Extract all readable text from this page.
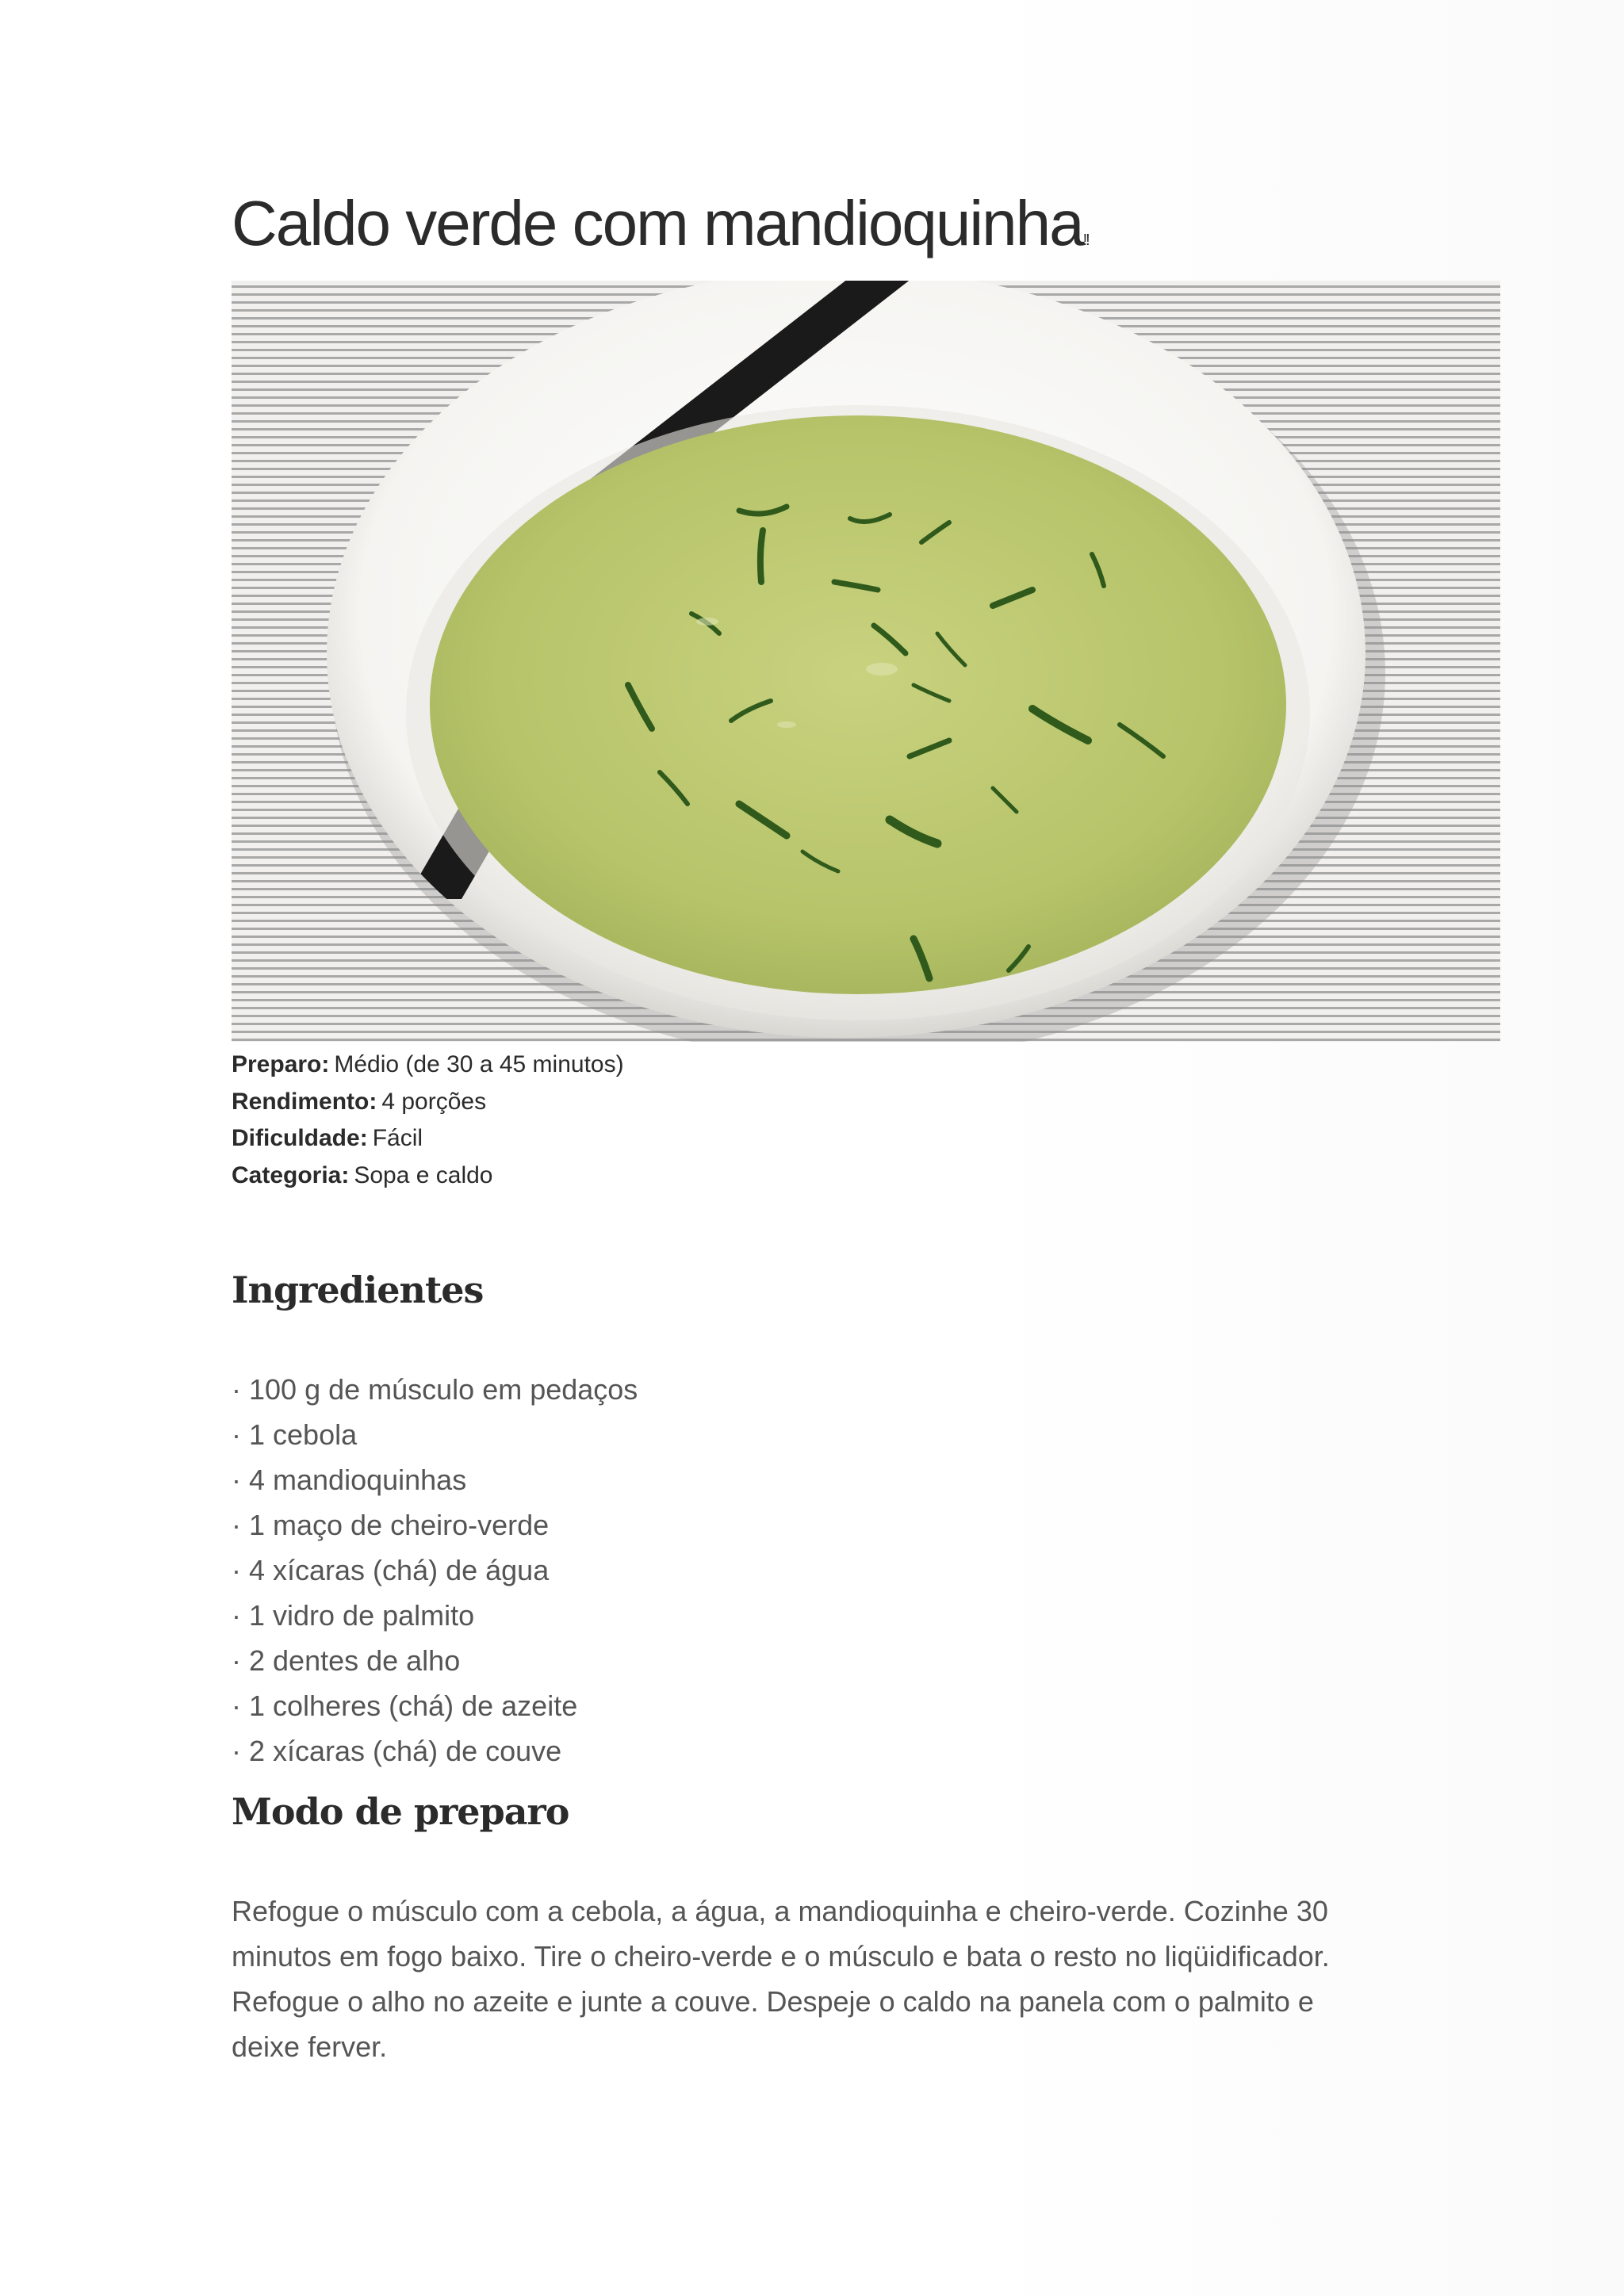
Caldo verde com mandioquinha!!
Preparo: Médio (de 30 a 45 minutos)
Rendimento: 4 porções
Dificuldade: Fácil
Categoria: Sopa e caldo
Ingredientes
· 100 g de músculo em pedaços
· 1 cebola
· 4 mandioquinhas
· 1 maço de cheiro-verde
· 4 xícaras (chá) de água
· 1 vidro de palmito
· 2 dentes de alho
· 1 colheres (chá) de azeite
· 2 xícaras (chá) de couve
Modo de preparo

Refogue o músculo com a cebola, a água, a mandioquinha e cheiro-verde. Cozinhe 30 minutos em fogo baixo. Tire o cheiro-verde e o músculo e bata o resto no liqüidificador. Refogue o alho no azeite e junte a couve. Despeje o caldo na panela com o palmito e deixe ferver.
